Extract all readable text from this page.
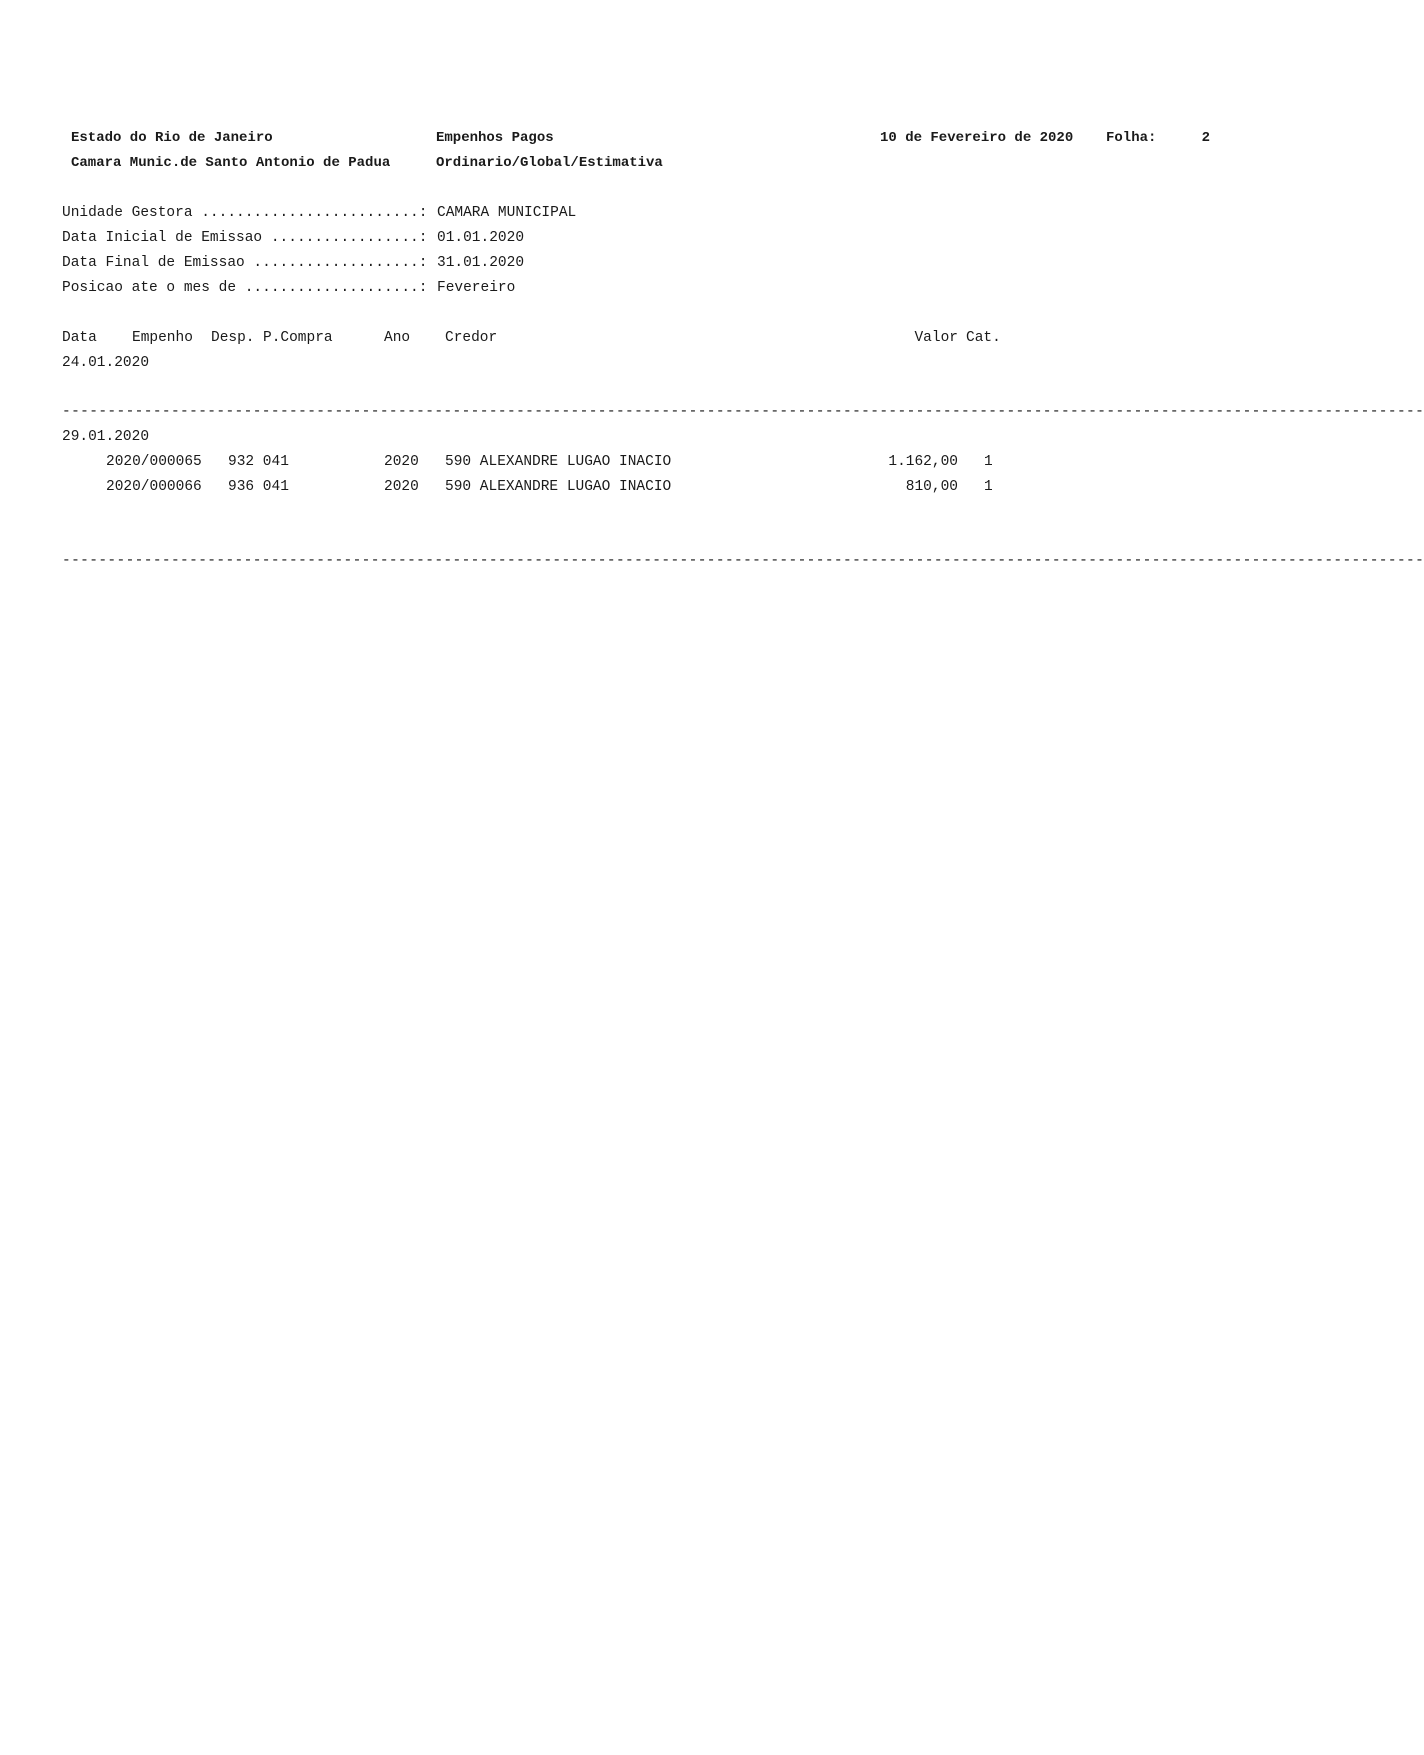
Estado do Rio de Janeiro	Empenhos Pagos	10 de Fevereiro de 2020 Folha:	2
Camara Munic.de Santo Antonio de Padua	Ordinario/Global/Estimativa
Unidade Gestora .........................: CAMARA MUNICIPAL
Data Inicial de Emissao .................: 01.01.2020
Data Final de Emissao ...................: 31.01.2020
Posicao ate o mes de ....................: Fevereiro
Data Empenho Desp. P.Compra	Ano Credor	Valor Cat.
24.01.2020
------------------------------------------------------------------------------------------------------------------------------------------------------
29.01.2020
2020/000065 932 041	2020 590 ALEXANDRE LUGAO INACIO	1.162,00 1
2020/000066 936 041	2020 590 ALEXANDRE LUGAO INACIO	810,00 1
------------------------------------------------------------------------------------------------------------------------------------------------------
